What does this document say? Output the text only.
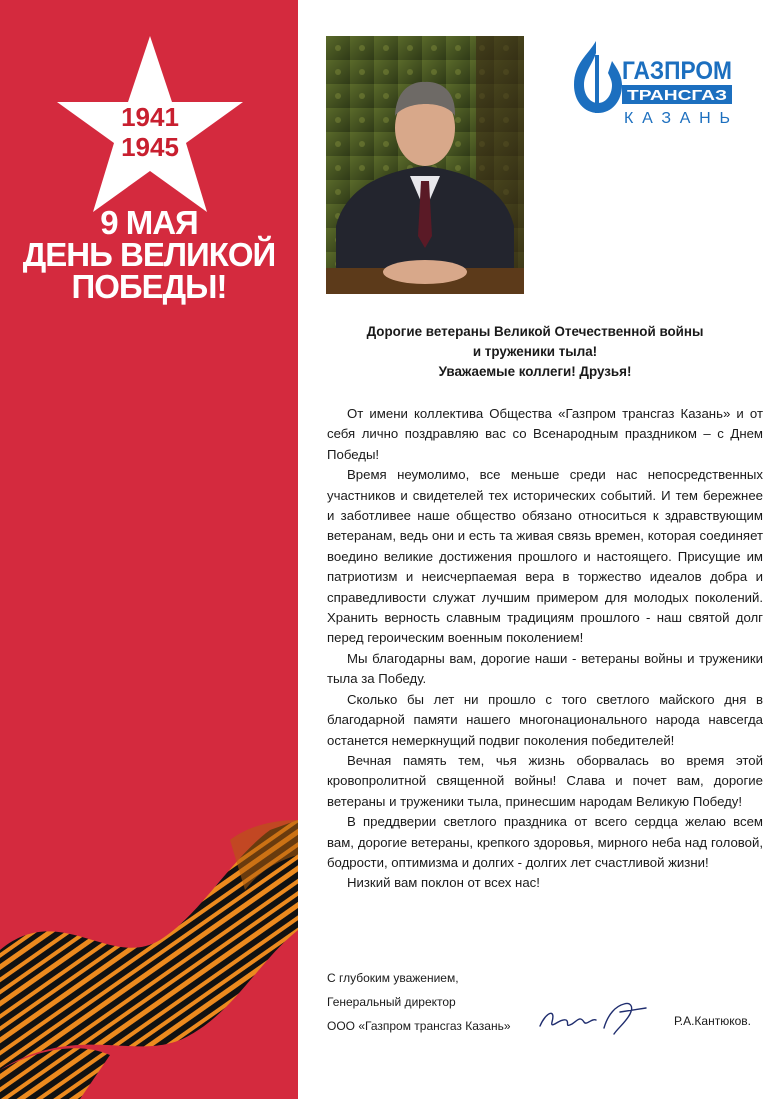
1941
1945
9 МАЯ
ДЕНЬ ВЕЛИКОЙ
ПОБЕДЫ!
ГАЗПРОМ
ТРАНСГАЗ
КАЗАНЬ
Дорогие ветераны Великой Отечественной войны
и труженики тыла!
Уважаемые коллеги! Друзья!

От имени коллектива Общества «Газпром трансгаз Казань» и от себя лично поздравляю вас со Всенародным праздником – с Днем Победы!

Время неумолимо, все меньше среди нас непосредственных участников и свидетелей тех исторических событий. И тем бережнее и заботливее наше общество обязано относиться к здравствующим ветеранам, ведь они и есть та живая связь времен, которая соединяет воедино великие достижения прошлого и настоящего. Присущие им патриотизм и неисчерпаемая вера в торжество идеалов добра и справедливости служат лучшим примером для молодых поколений. Хранить верность славным традициям прошлого - наш святой долг перед героическим военным поколением!

Мы благодарны вам, дорогие наши - ветераны войны и труженики тыла за Победу.

Сколько бы лет ни прошло с того светлого майского дня в благодарной памяти нашего многонационального народа навсегда останется немеркнущий подвиг поколения победителей!

Вечная память тем, чья жизнь оборвалась во время этой кровопролитной священной войны! Слава и почет вам, дорогие ветераны и труженики тыла, принесшим народам Великую Победу!

В преддверии светлого праздника от всего сердца желаю всем вам, дорогие ветераны, крепкого здоровья, мирного неба над головой, бодрости, оптимизма и долгих - долгих лет счастливой жизни!

Низкий вам поклон от всех нас!

С глубоким уважением,
Генеральный директор
ООО «Газпром трансгаз Казань»	Р.А.Кантюков.
